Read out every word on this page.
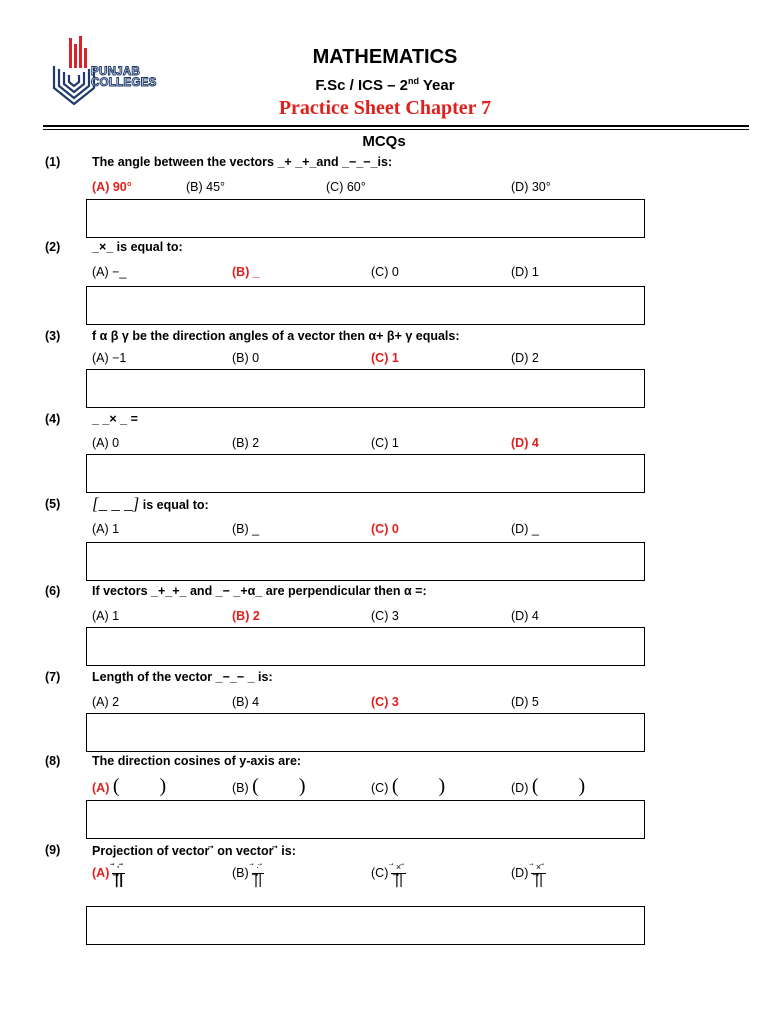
PUNJAB
COLLEGES
MATHEMATICS
F.Sc / ICS – 2nd Year
Practice Sheet Chapter 7
MCQs
(1)	The angle between the vectors _+ _+_and _−_−_is:
(A) 90°	(B) 45°	(C) 60°	(D) 30°
(2)	_×_ is equal to:
(A) −_	(B) _	(C) 0	(D) 1
(3)	f α β γ be the direction angles of a vector then α+ β+ γ equals:
(A) −1	(B) 0	(C) 1	(D) 2
(4)	_ _× _ =
(A) 0	(B) 2	(C) 1	(D) 4
(5) [_ _ _] is equal to:
(A) 1	(B) _	(C) 0	(D) _
(6)	If vectors _+_+_ and _− _+α_ are perpendicular then α =:
(A) 1	(B) 2	(C) 3	(D) 4
(7)	Length of the vector _−_− _ is:
(A) 2	(B) 4	(C) 3	(D) 5
(8)	The direction cosines of y-axis are:
(A) (  )	(B) (  )	(C) (  )	(D) (  )
(9)	Projection of vector ⃗ on vector ⃗ is:
$(A) \frac{⃗ \cdot ⃗}{|⃗|}$	$(B) \frac{⃗ \cdot ⃗}{|⃗|}$	$(C) \frac{⃗ \times ⃗}{|⃗|}$	$(D) \frac{⃗ \times ⃗}{|⃗|}$
